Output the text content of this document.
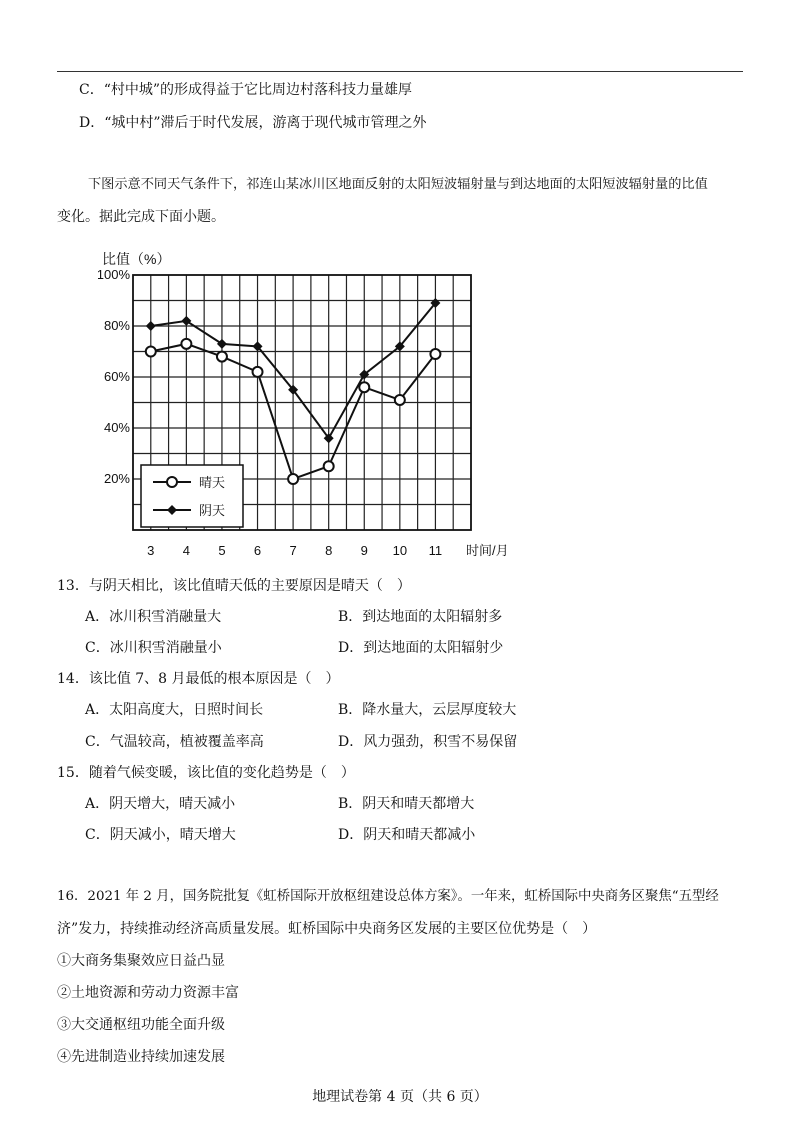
C．“村中城”的形成得益于它比周边村落科技力量雄厚
D．“城中村”滞后于时代发展，游离于现代城市管理之外
下图示意不同天气条件下，祁连山某冰川区地面反射的太阳短波辐射量与到达地面的太阳短波辐射量的比值
变化。据此完成下面小题。
比值（%）
100%
80%
60%
40%
20%
3 4 5 6 7 8 9 10 11 时间/月
晴天
阴天
13．与阴天相比，该比值晴天低的主要原因是晴天（　）
A．冰川积雪消融量大	B．到达地面的太阳辐射多
C．冰川积雪消融量小	D．到达地面的太阳辐射少
14．该比值 7、8 月最低的根本原因是（　）
A．太阳高度大，日照时间长	B．降水量大，云层厚度较大
C．气温较高，植被覆盖率高	D．风力强劲，积雪不易保留
15．随着气候变暖，该比值的变化趋势是（　）
A．阴天增大，晴天减小	B．阴天和晴天都增大
C．阴天减小，晴天增大	D．阴天和晴天都减小
16．2021 年 2 月，国务院批复《虹桥国际开放枢纽建设总体方案》。一年来，虹桥国际中央商务区聚焦“五型经
济”发力，持续推动经济高质量发展。虹桥国际中央商务区发展的主要区位优势是（　）
①大商务集聚效应日益凸显
②土地资源和劳动力资源丰富
③大交通枢纽功能全面升级
④先进制造业持续加速发展
地理试卷第 4 页（共 6 页）
